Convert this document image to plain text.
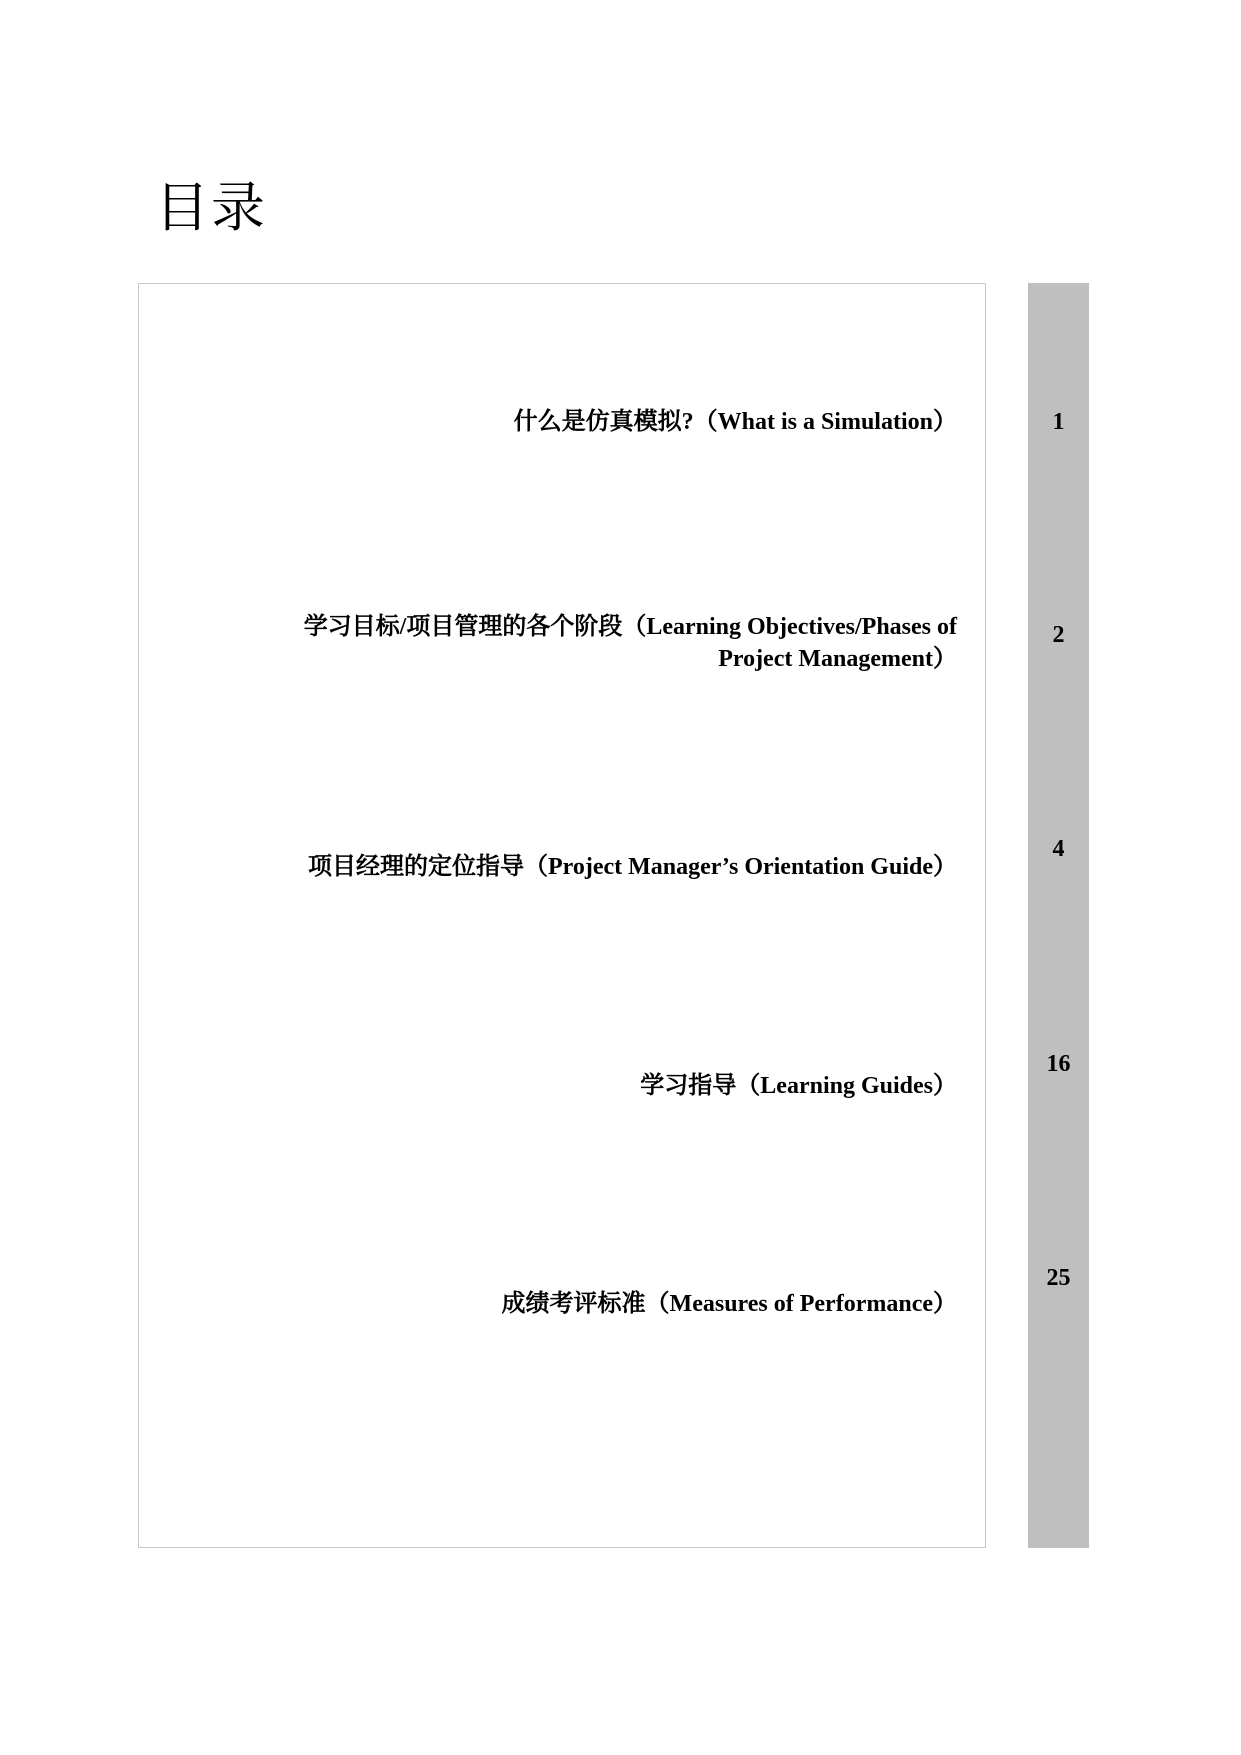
目录
什么是仿真模拟?（What is a Simulation）
学习目标/项目管理的各个阶段（Learning Objectives/Phases of Project Management）
项目经理的定位指导（Project Manager’s Orientation Guide）
学习指导（Learning Guides）
成绩考评标准（Measures of Performance）
1
2
4
16
25
